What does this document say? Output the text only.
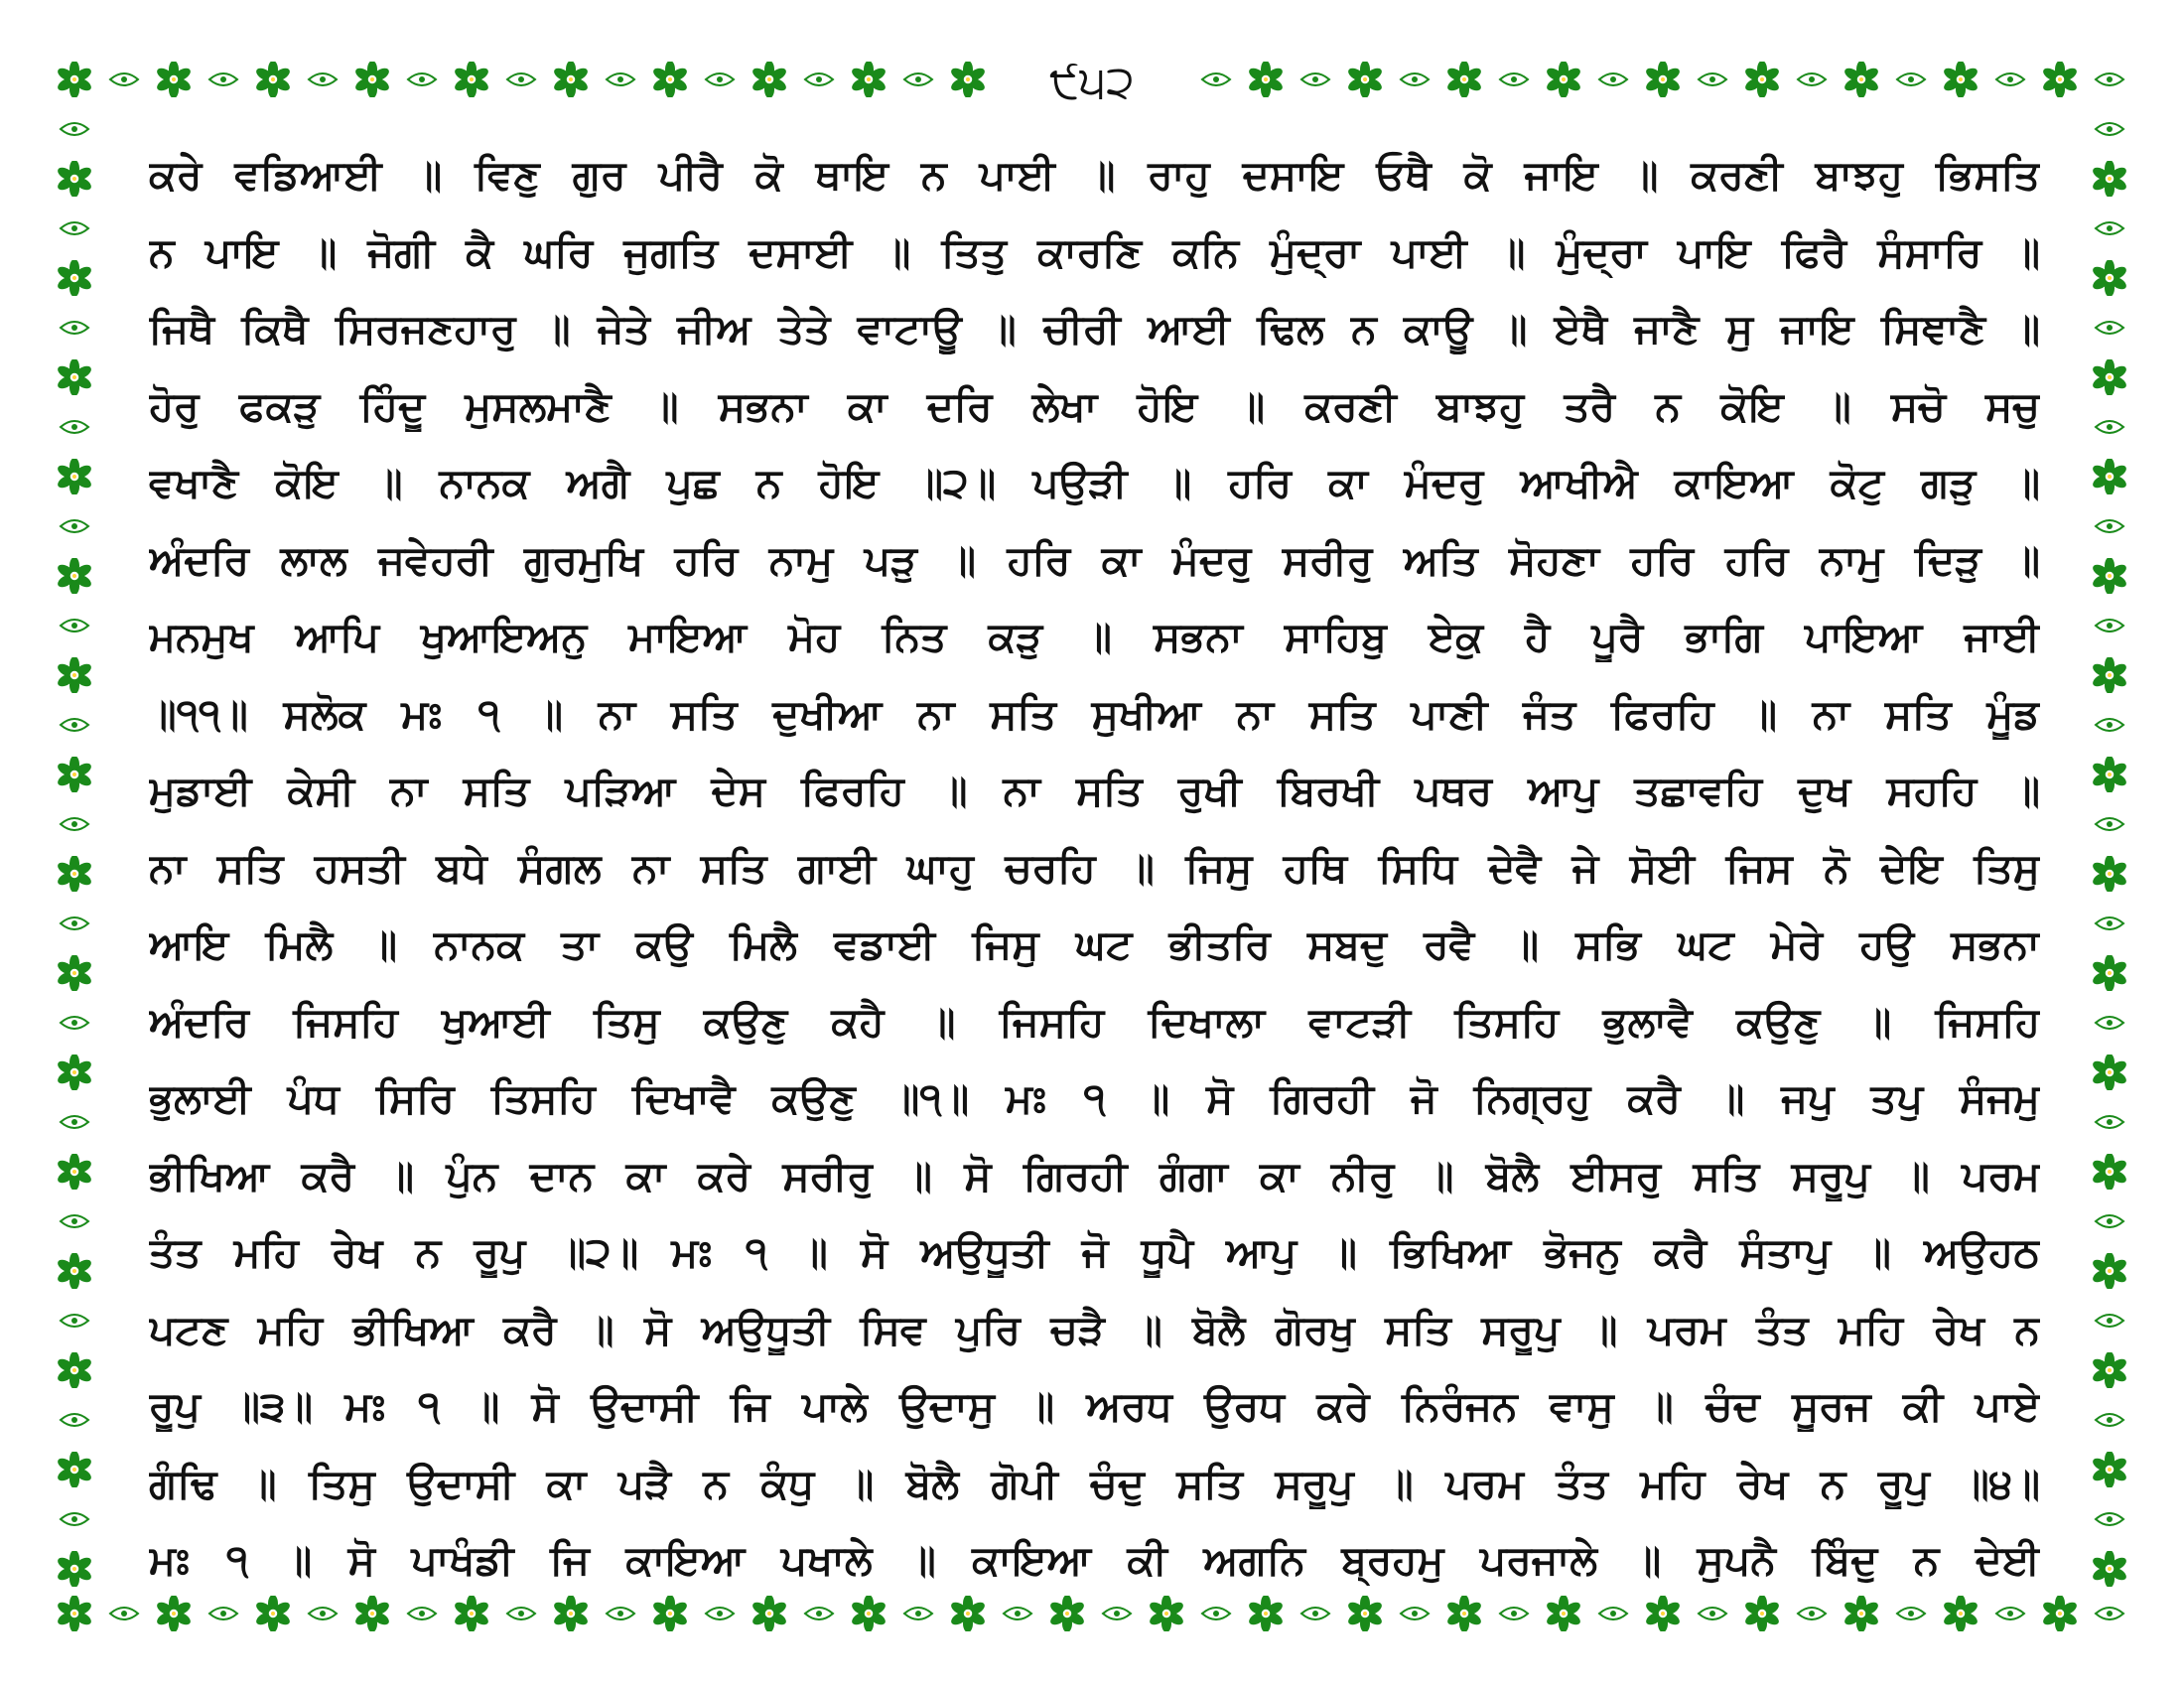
੯੫੨
ਕਰੇ ਵਡਿਆਈ ॥ ਵਿਣੁ ਗੁਰ ਪੀਰੈ ਕੋ ਥਾਇ ਨ ਪਾਈ ॥ ਰਾਹੁ ਦਸਾਇ ਓਥੈ ਕੋ ਜਾਇ ॥ ਕਰਣੀ ਬਾਝਹੁ ਭਿਸਤਿ
ਨ ਪਾਇ ॥ ਜੋਗੀ ਕੈ ਘਰਿ ਜੁਗਤਿ ਦਸਾਈ ॥ ਤਿਤੁ ਕਾਰਣਿ ਕਨਿ ਮੁੰਦ੍ਰਾ ਪਾਈ ॥ ਮੁੰਦ੍ਰਾ ਪਾਇ ਫਿਰੈ ਸੰਸਾਰਿ ॥
ਜਿਥੈ ਕਿਥੈ ਸਿਰਜਣਹਾਰੁ ॥ ਜੇਤੇ ਜੀਅ ਤੇਤੇ ਵਾਟਾਊ ॥ ਚੀਰੀ ਆਈ ਢਿਲ ਨ ਕਾਊ ॥ ਏਥੈ ਜਾਣੈ ਸੁ ਜਾਇ ਸਿਞਾਣੈ ॥
ਹੋਰੁ ਫਕੜੁ ਹਿੰਦੂ ਮੁਸਲਮਾਣੈ ॥ ਸਭਨਾ ਕਾ ਦਰਿ ਲੇਖਾ ਹੋਇ ॥ ਕਰਣੀ ਬਾਝਹੁ ਤਰੈ ਨ ਕੋਇ ॥ ਸਚੋ ਸਚੁ
ਵਖਾਣੈ ਕੋਇ ॥ ਨਾਨਕ ਅਗੈ ਪੁਛ ਨ ਹੋਇ ॥੨॥ ਪਉੜੀ ॥ ਹਰਿ ਕਾ ਮੰਦਰੁ ਆਖੀਐ ਕਾਇਆ ਕੋਟੁ ਗੜੁ ॥
ਅੰਦਰਿ ਲਾਲ ਜਵੇਹਰੀ ਗੁਰਮੁਖਿ ਹਰਿ ਨਾਮੁ ਪੜੁ ॥ ਹਰਿ ਕਾ ਮੰਦਰੁ ਸਰੀਰੁ ਅਤਿ ਸੋਹਣਾ ਹਰਿ ਹਰਿ ਨਾਮੁ ਦਿੜੁ ॥
ਮਨਮੁਖ ਆਪਿ ਖੁਆਇਅਨੁ ਮਾਇਆ ਮੋਹ ਨਿਤ ਕੜੁ ॥ ਸਭਨਾ ਸਾਹਿਬੁ ਏਕੁ ਹੈ ਪੂਰੈ ਭਾਗਿ ਪਾਇਆ ਜਾਈ
॥੧੧॥ ਸਲੋਕ ਮਃ ੧ ॥ ਨਾ ਸਤਿ ਦੁਖੀਆ ਨਾ ਸਤਿ ਸੁਖੀਆ ਨਾ ਸਤਿ ਪਾਣੀ ਜੰਤ ਫਿਰਹਿ ॥ ਨਾ ਸਤਿ ਮੂੰਡ
ਮੁਡਾਈ ਕੇਸੀ ਨਾ ਸਤਿ ਪੜਿਆ ਦੇਸ ਫਿਰਹਿ ॥ ਨਾ ਸਤਿ ਰੁਖੀ ਬਿਰਖੀ ਪਥਰ ਆਪੁ ਤਛਾਵਹਿ ਦੁਖ ਸਹਹਿ ॥
ਨਾ ਸਤਿ ਹਸਤੀ ਬਧੇ ਸੰਗਲ ਨਾ ਸਤਿ ਗਾਈ ਘਾਹੁ ਚਰਹਿ ॥ ਜਿਸੁ ਹਥਿ ਸਿਧਿ ਦੇਵੈ ਜੇ ਸੋਈ ਜਿਸ ਨੋ ਦੇਇ ਤਿਸੁ
ਆਇ ਮਿਲੈ ॥ ਨਾਨਕ ਤਾ ਕਉ ਮਿਲੈ ਵਡਾਈ ਜਿਸੁ ਘਟ ਭੀਤਰਿ ਸਬਦੁ ਰਵੈ ॥ ਸਭਿ ਘਟ ਮੇਰੇ ਹਉ ਸਭਨਾ
ਅੰਦਰਿ ਜਿਸਹਿ ਖੁਆਈ ਤਿਸੁ ਕਉਣੁ ਕਹੈ ॥ ਜਿਸਹਿ ਦਿਖਾਲਾ ਵਾਟੜੀ ਤਿਸਹਿ ਭੁਲਾਵੈ ਕਉਣੁ ॥ ਜਿਸਹਿ
ਭੁਲਾਈ ਪੰਧ ਸਿਰਿ ਤਿਸਹਿ ਦਿਖਾਵੈ ਕਉਣੁ ॥੧॥ ਮਃ ੧ ॥ ਸੋ ਗਿਰਹੀ ਜੋ ਨਿਗ੍ਰਹੁ ਕਰੈ ॥ ਜਪੁ ਤਪੁ ਸੰਜਮੁ
ਭੀਖਿਆ ਕਰੈ ॥ ਪੁੰਨ ਦਾਨ ਕਾ ਕਰੇ ਸਰੀਰੁ ॥ ਸੋ ਗਿਰਹੀ ਗੰਗਾ ਕਾ ਨੀਰੁ ॥ ਬੋਲੈ ਈਸਰੁ ਸਤਿ ਸਰੂਪੁ ॥ ਪਰਮ
ਤੰਤ ਮਹਿ ਰੇਖ ਨ ਰੂਪੁ ॥੨॥ ਮਃ ੧ ॥ ਸੋ ਅਉਧੂਤੀ ਜੋ ਧੂਪੈ ਆਪੁ ॥ ਭਿਖਿਆ ਭੋਜਨੁ ਕਰੈ ਸੰਤਾਪੁ ॥ ਅਉਹਠ
ਪਟਣ ਮਹਿ ਭੀਖਿਆ ਕਰੈ ॥ ਸੋ ਅਉਧੂਤੀ ਸਿਵ ਪੁਰਿ ਚੜੈ ॥ ਬੋਲੈ ਗੋਰਖੁ ਸਤਿ ਸਰੂਪੁ ॥ ਪਰਮ ਤੰਤ ਮਹਿ ਰੇਖ ਨ
ਰੂਪੁ ॥੩॥ ਮਃ ੧ ॥ ਸੋ ਉਦਾਸੀ ਜਿ ਪਾਲੇ ਉਦਾਸੁ ॥ ਅਰਧ ਉਰਧ ਕਰੇ ਨਿਰੰਜਨ ਵਾਸੁ ॥ ਚੰਦ ਸੂਰਜ ਕੀ ਪਾਏ
ਗੰਢਿ ॥ ਤਿਸੁ ਉਦਾਸੀ ਕਾ ਪੜੈ ਨ ਕੰਧੁ ॥ ਬੋਲੈ ਗੋਪੀ ਚੰਦੁ ਸਤਿ ਸਰੂਪੁ ॥ ਪਰਮ ਤੰਤ ਮਹਿ ਰੇਖ ਨ ਰੂਪੁ ॥੪॥
ਮਃ ੧ ॥ ਸੋ ਪਾਖੰਡੀ ਜਿ ਕਾਇਆ ਪਖਾਲੇ ॥ ਕਾਇਆ ਕੀ ਅਗਨਿ ਬ੍ਰਹਮੁ ਪਰਜਾਲੇ ॥ ਸੁਪਨੈ ਬਿੰਦੁ ਨ ਦੇਈ
